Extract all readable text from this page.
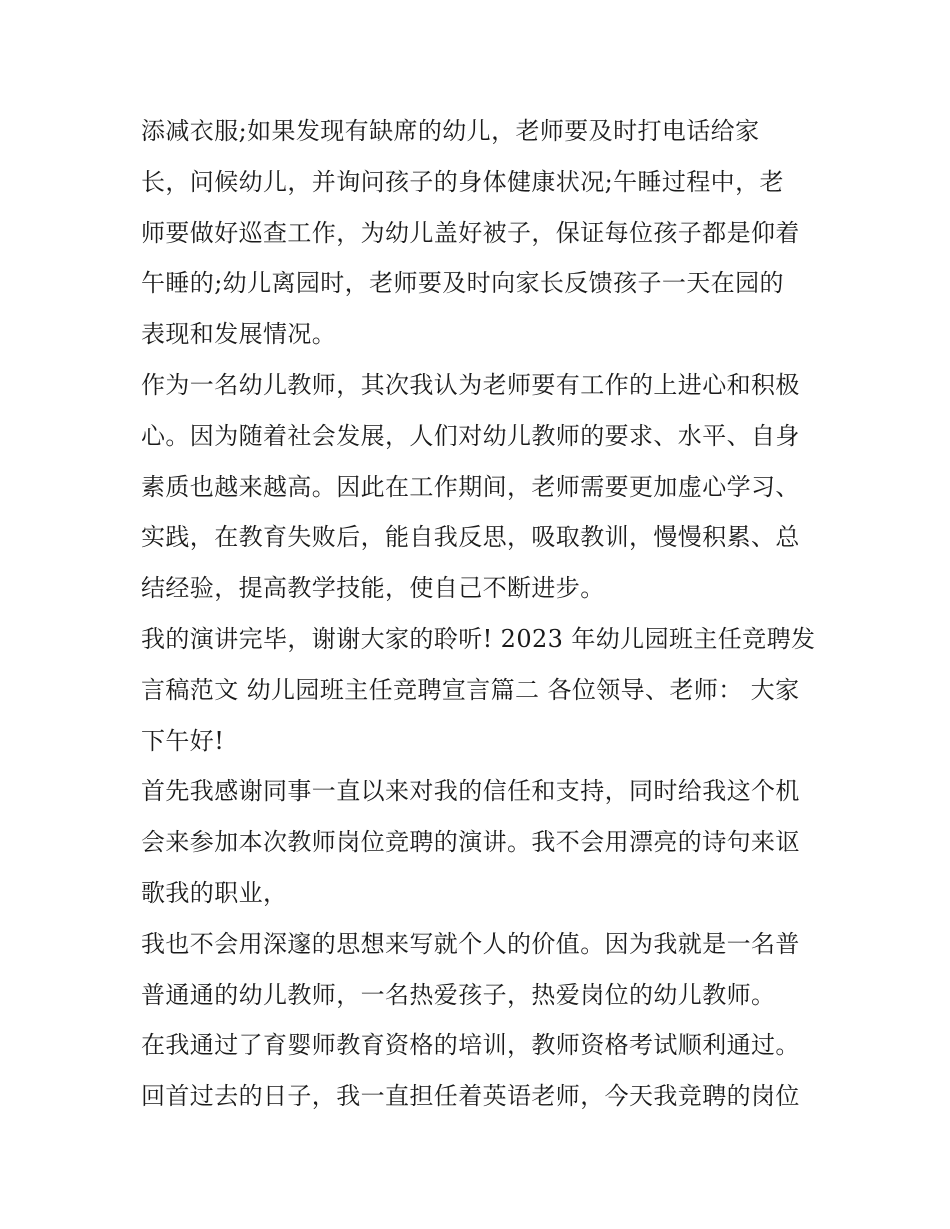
添减衣服;如果发现有缺席的幼儿，老师要及时打电话给家
长，问候幼儿，并询问孩子的身体健康状况;午睡过程中，老
师要做好巡查工作，为幼儿盖好被子，保证每位孩子都是仰着
午睡的;幼儿离园时，老师要及时向家长反馈孩子一天在园的
表现和发展情况。
作为一名幼儿教师，其次我认为老师要有工作的上进心和积极
心。因为随着社会发展，人们对幼儿教师的要求、水平、自身
素质也越来越高。因此在工作期间，老师需要更加虚心学习、
实践，在教育失败后，能自我反思，吸取教训，慢慢积累、总
结经验，提高教学技能，使自己不断进步。
我的演讲完毕，谢谢大家的聆听! 2023 年幼儿园班主任竞聘发
言稿范文 幼儿园班主任竞聘宣言篇二 各位领导、老师： 大家
下午好!
首先我感谢同事一直以来对我的信任和支持，同时给我这个机
会来参加本次教师岗位竞聘的演讲。我不会用漂亮的诗句来讴
歌我的职业，
我也不会用深邃的思想来写就个人的价值。因为我就是一名普
普通通的幼儿教师，一名热爱孩子，热爱岗位的幼儿教师。
在我通过了育婴师教育资格的培训，教师资格考试顺利通过。
回首过去的日子，我一直担任着英语老师，今天我竞聘的岗位
